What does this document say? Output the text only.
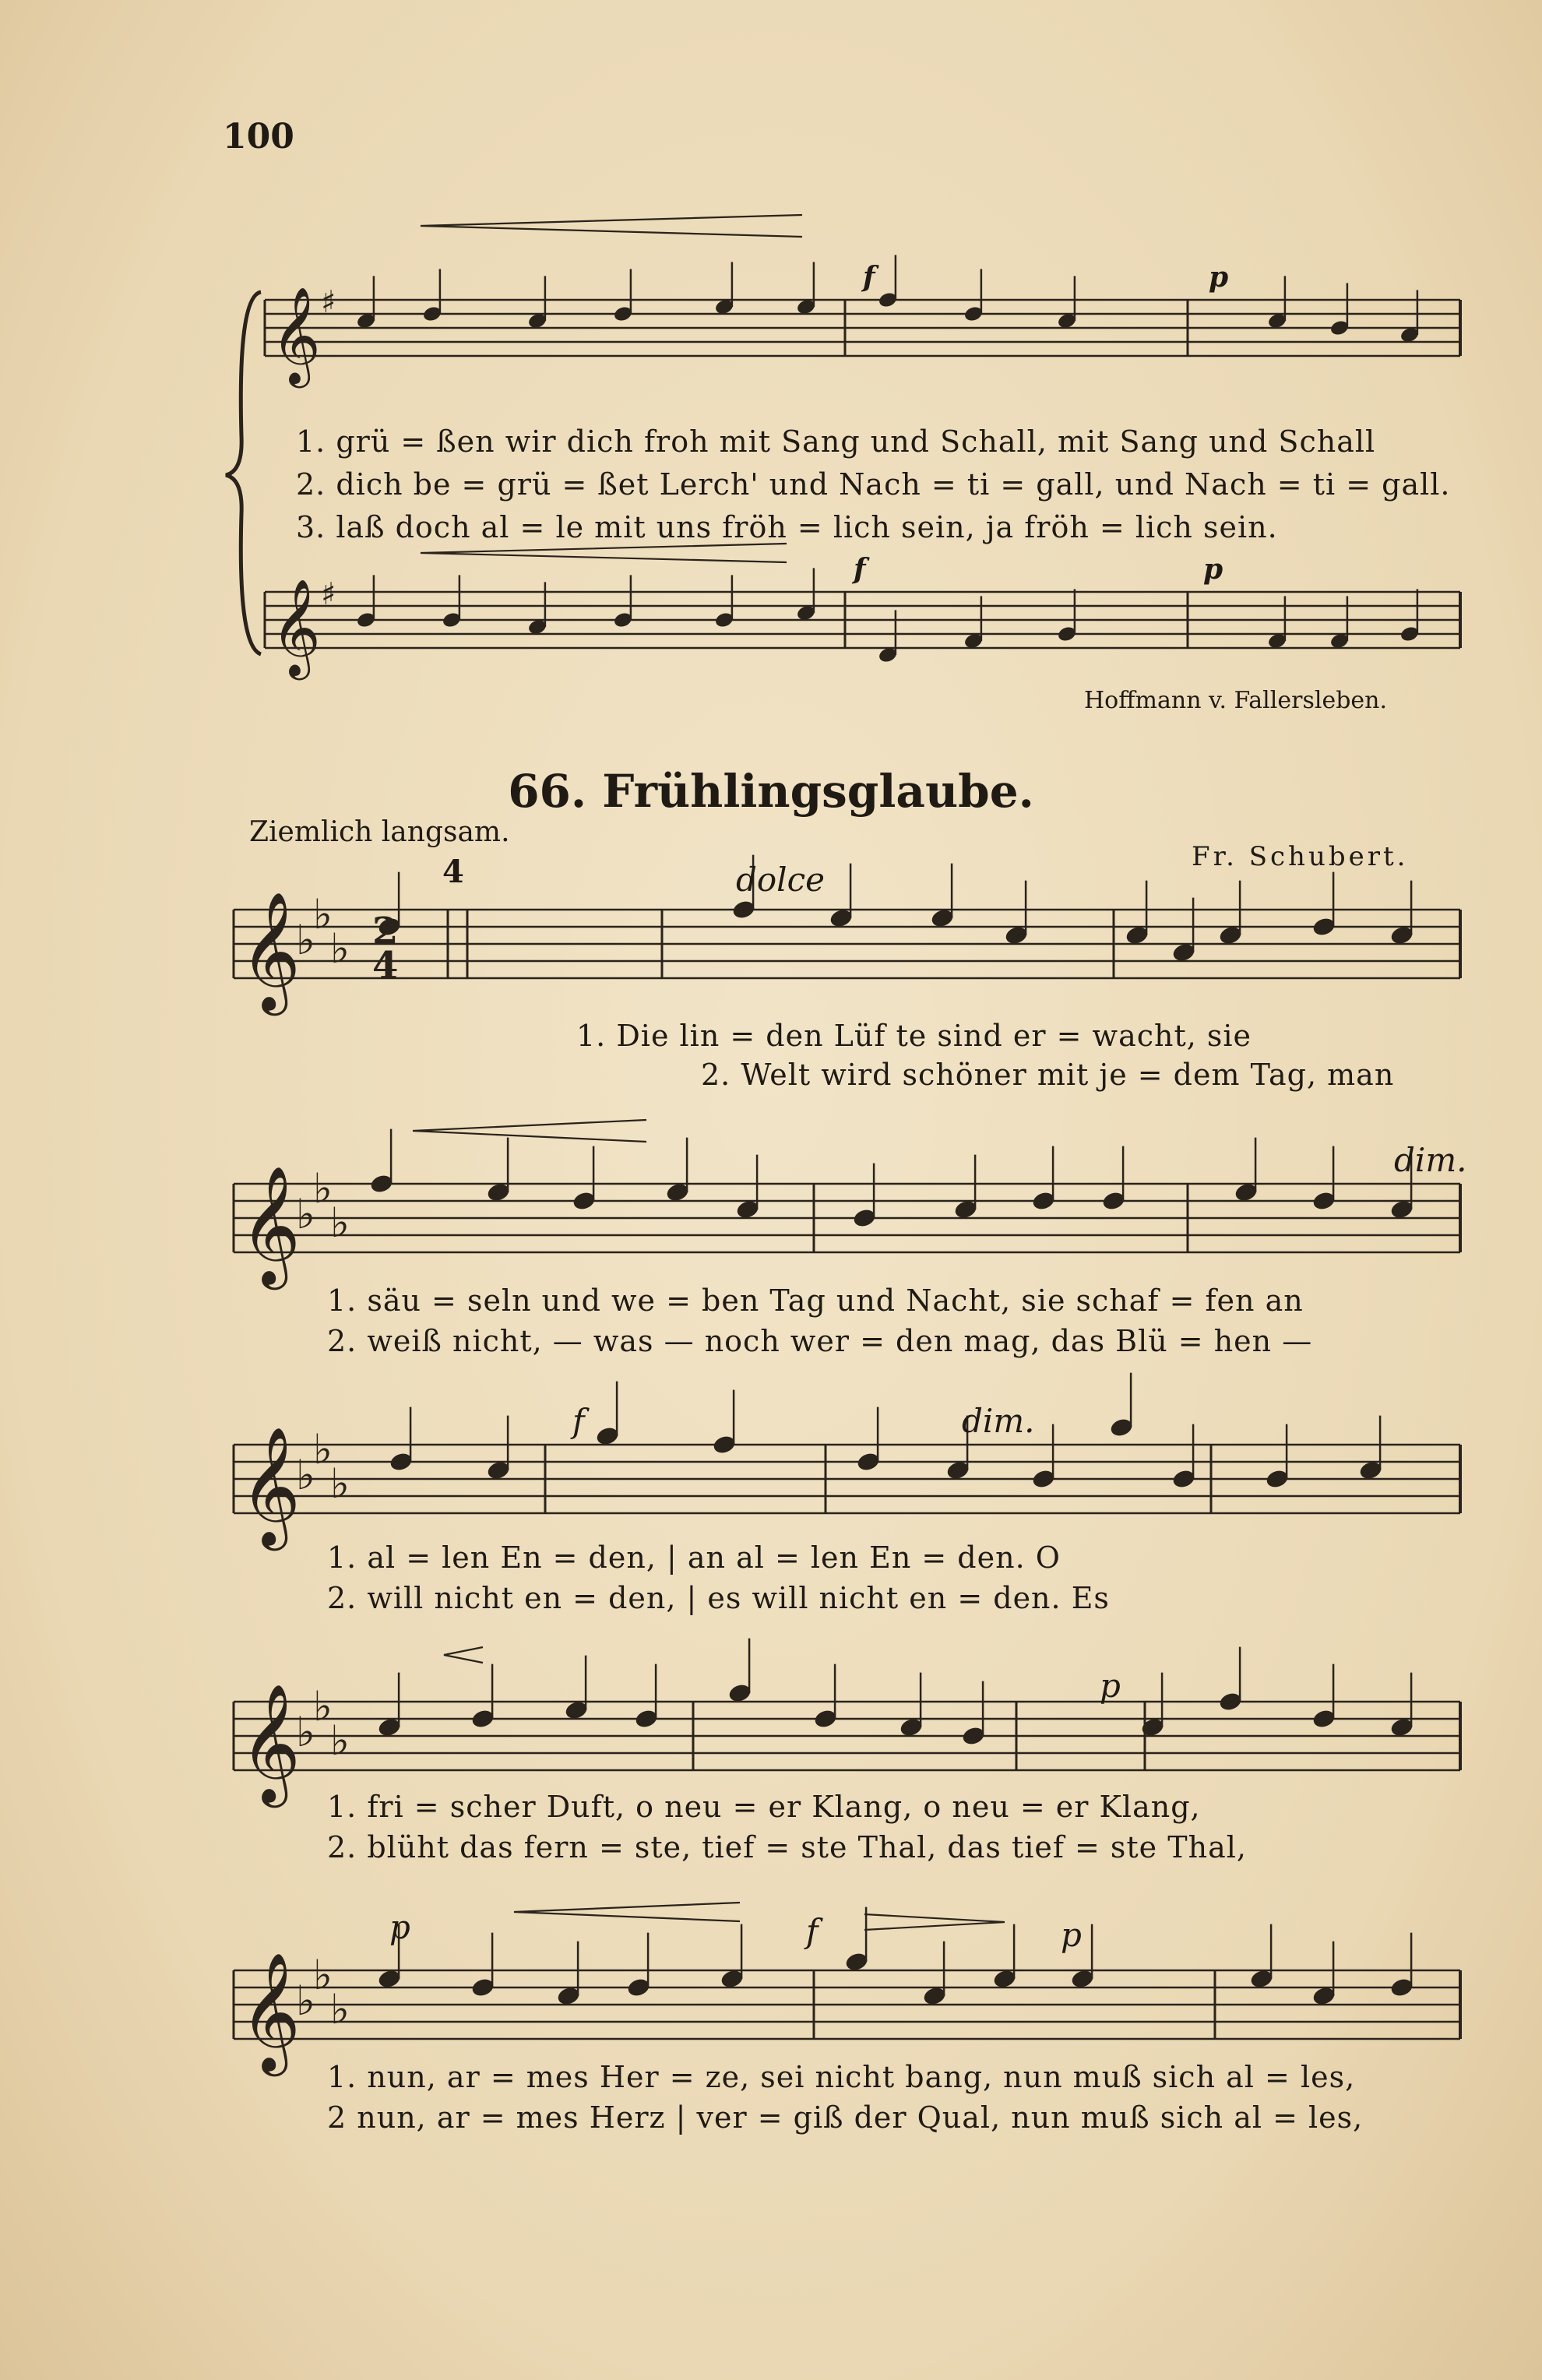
100
𝄞 ♯
𝄞 ♯
𝄞
♭
♭
♭
𝄞
♭
♭
♭
𝄞
♭
♭
♭
𝄞
♭
♭
♭
𝄞
♭
♭
♭
2
4
1. grü = ßen wir dich froh mit Sang und Schall, mit Sang und Schall
2. dich be = grü = ßet Lerch' und Nach = ti = gall, und Nach = ti = gall.
3. laß doch al = le mit uns fröh = lich sein, ja fröh = lich sein.
f	p
f	p
Hoffmann v. Fallersleben.
66. Frühlingsglaube.
Ziemlich langsam.
Fr. Schubert.
4	dolce
1. Die lin = den Lüf te sind er = wacht, sie
2. Welt wird schöner mit je = dem Tag, man
dim.
1. säu = seln und we = ben Tag und Nacht, sie schaf = fen an
2. weiß nicht, — was — noch wer = den mag, das Blü = hen —
f	dim.
1. al = len En = den, | an al = len En = den. O
2. will nicht en = den, | es will nicht en = den. Es
p
1. fri = scher Duft, o neu = er Klang, o neu = er Klang,
2. blüht das fern = ste, tief = ste Thal, das tief = ste Thal,
p	f	p
1. nun, ar = mes Her = ze, sei nicht bang, nun muß sich al = les,
2 nun, ar = mes Herz | ver = giß der Qual, nun muß sich al = les,
